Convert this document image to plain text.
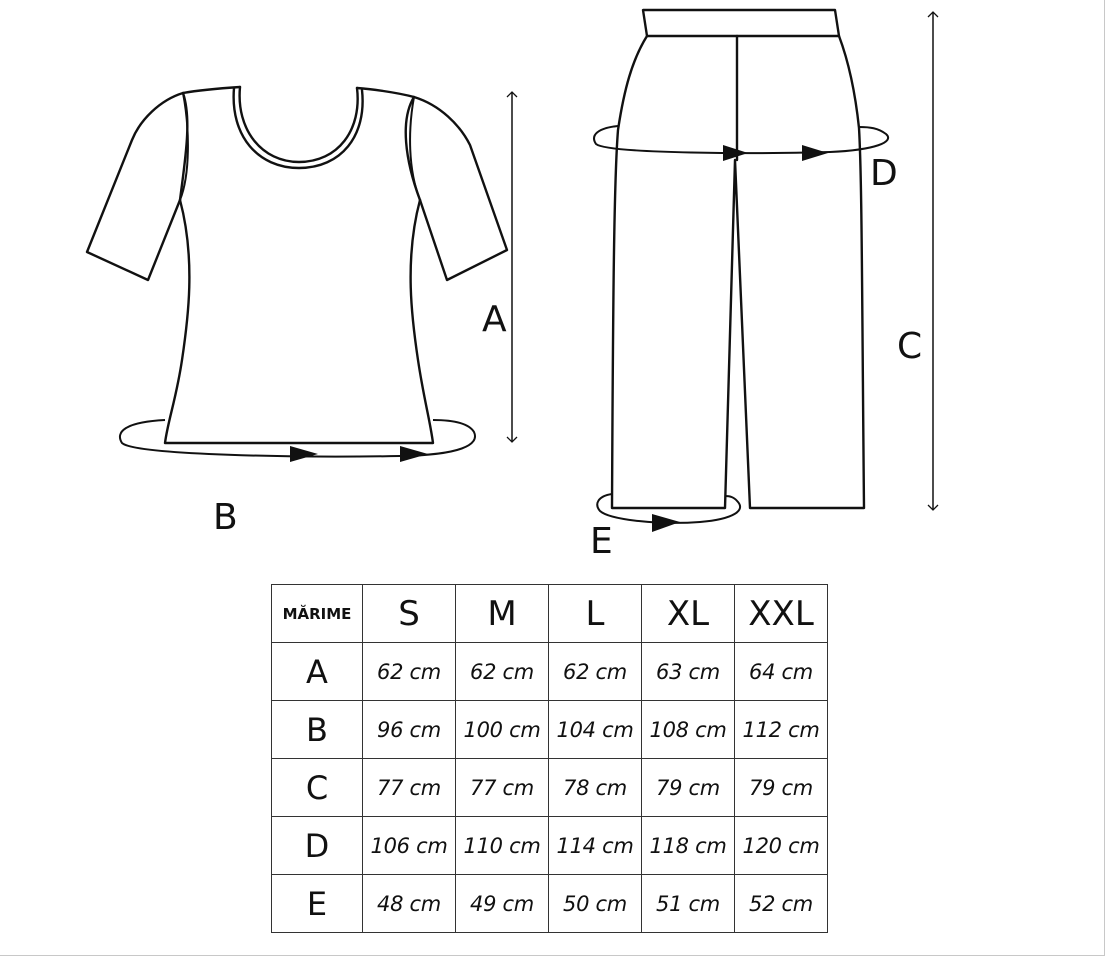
A
B
C
D
E
MĂRIME	S	M	L	XL	XXL
A	62 cm	62 cm	62 cm	63 cm	64 cm
B	96 cm	100 cm	104 cm	108 cm	112 cm
C	77 cm	77 cm	78 cm	79 cm	79 cm
D	106 cm	110 cm	114 cm	118 cm	120 cm
E	48 cm	49 cm	50 cm	51 cm	52 cm
